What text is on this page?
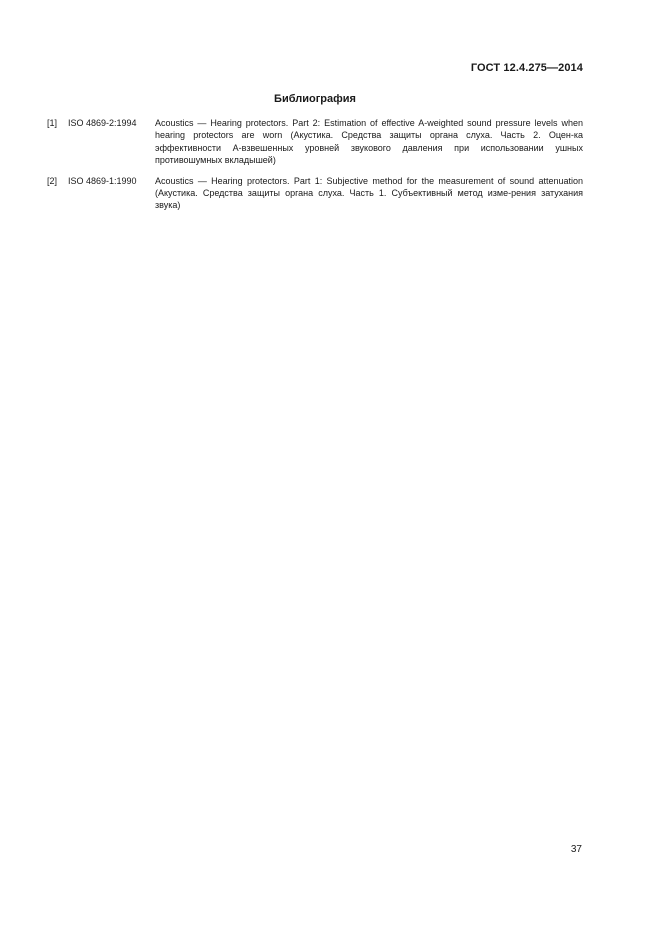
ГОСТ 12.4.275—2014
Библиография
[1]	ISO 4869-2:1994	Acoustics — Hearing protectors. Part 2: Estimation of effective A-weighted sound pressure levels when hearing protectors are worn (Акустика. Средства защиты органа слуха. Часть 2. Оцен-ка эффективности А-взвешенных уровней звукового давления при использовании ушных противошумных вкладышей)
[2]	ISO 4869-1:1990	Acoustics — Hearing protectors. Part 1: Subjective method for the measurement of sound attenuation (Акустика. Средства защиты органа слуха. Часть 1. Субъективный метод изме-рения затухания звука)
37
